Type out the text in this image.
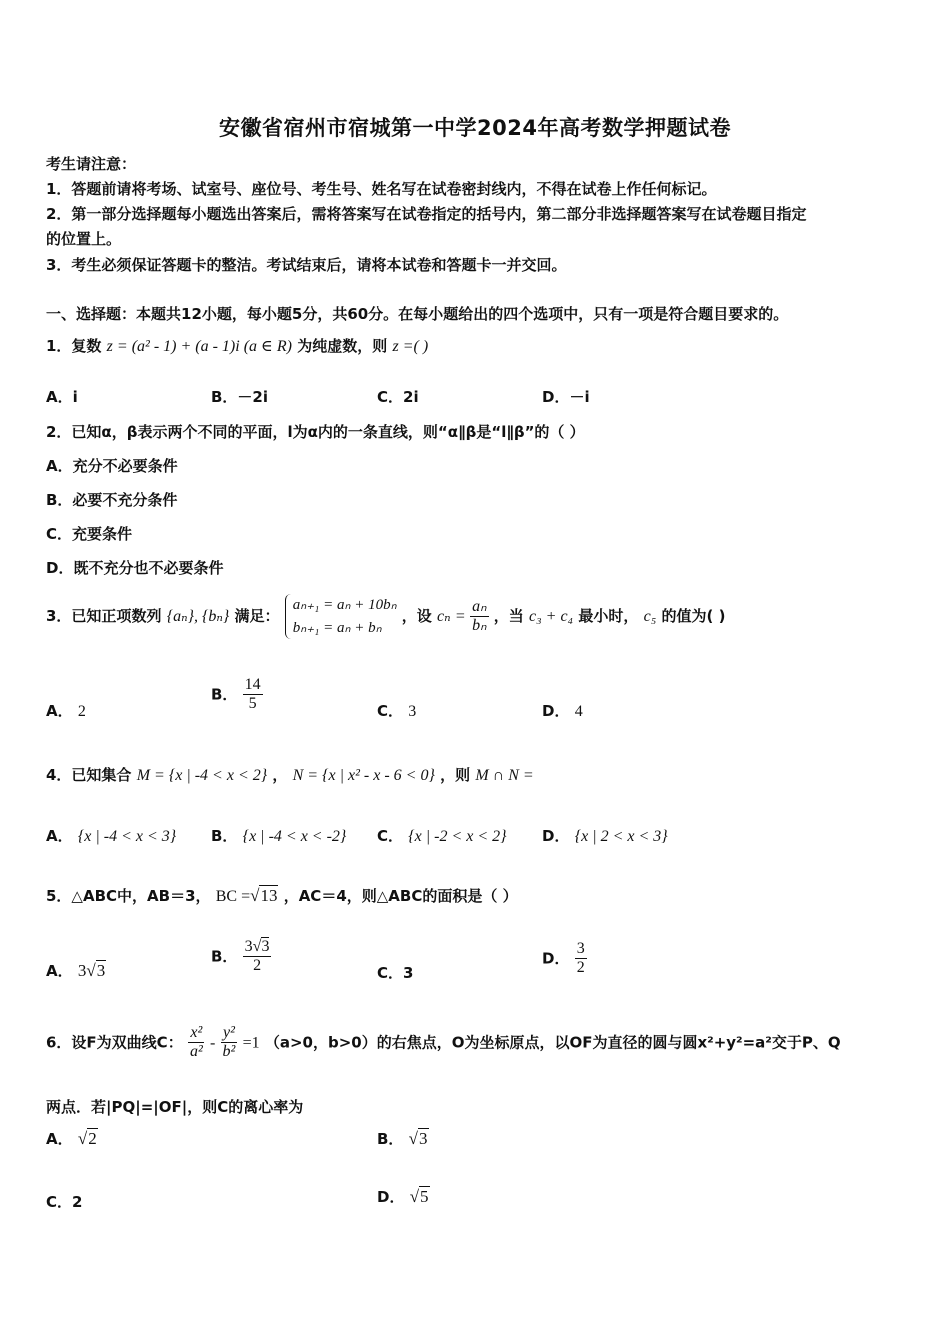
安徽省宿州市宿城第一中学2024年高考数学押题试卷
考生请注意：
1．答题前请将考场、试室号、座位号、考生号、姓名写在试卷密封线内，不得在试卷上作任何标记。
2．第一部分选择题每小题选出答案后，需将答案写在试卷指定的括号内，第二部分非选择题答案写在试卷题目指定
的位置上。
3．考生必须保证答题卡的整洁。考试结束后，请将本试卷和答题卡一并交回。
一、选择题：本题共12小题，每小题5分，共60分。在每小题给出的四个选项中，只有一项是符合题目要求的。
1．复数 z = (a² - 1) + (a - 1)i (a ∈ R) 为纯虚数，则 z =( )
A．i	B．－2i	C．2i	D．－i
2．已知α，β表示两个不同的平面，l为α内的一条直线，则“α∥β是“l∥β”的（ ）
A．充分不必要条件
B．必要不充分条件
C．充要条件
D．既不充分也不必要条件
3．已知正项数列 {aₙ}, {bₙ} 满足：
aₙ₊₁ = aₙ + 10bₙ
bₙ₊₁ = aₙ + bₙ
，设 $c_n = \frac{\text{aₙ}}{\text{bₙ}}$ ，当 c₃ + c₄ 最小时， c₅ 的值为( )
A． 2
B． $\frac{14}{5}$	C． 3	D． 4
4．已知集合 M = {x | -4 < x < 2} ， N = {x | x² - x - 6 < 0} ，则 M ∩ N =
A． {x | -4 < x < 3} B． {x | -4 < x < -2} C． {x | -2 < x < 2} D． {x | 2 < x < 3}
5．△ABC中，AB＝3， BC =√13 ，AC＝4，则△ABC的面积是（ ）
A． 3√3
B． $\frac{3√3}{2}$	C．3
D． $\frac{3}{2}$
6．设F为双曲线C： $\frac{\text{x²}}{\text{a²}} - \frac{\text{y²}}{\text{b²}} =1$ （a>0，b>0）的右焦点，O为坐标原点，以OF为直径的圆与圆x²+y²=a²交于P、Q
两点．若|PQ|=|OF|，则C的离心率为
A． √2	B． √3
C．2	D． √5
